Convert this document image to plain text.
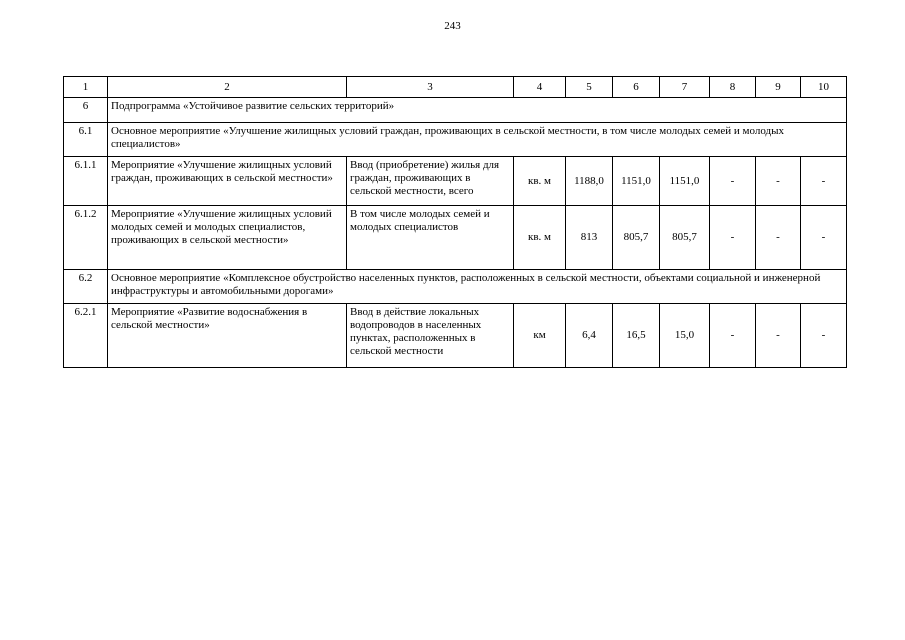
243
1	2	3	4	5	6	7	8	9	10
6	Подпрограмма «Устойчивое развитие сельских территорий»								
6.1	Основное мероприятие «Улучшение жилищных условий граждан, проживающих в сельской местности, в том числе молодых семей и молодых специалистов»								
6.1.1	Мероприятие «Улучшение жилищных условий граждан, проживающих в сельской местности»	Ввод (приобретение) жилья для граждан, проживающих в сельской местности, всего	кв. м	1188,0	1151,0	1151,0	-	-	-
6.1.2	Мероприятие «Улучшение жилищных условий молодых семей и молодых специалистов, проживающих в сельской местности»	В том числе молодых семей и молодых специалистов	кв. м	813	805,7	805,7	-	-	-
6.2	Основное мероприятие «Комплексное обустройство населенных пунктов, расположенных в сельской местности, объектами социальной и инженерной инфраструктуры и автомобильными дорогами»								
6.2.1	Мероприятие «Развитие водоснабжения в сельской местности»	Ввод в действие локальных водопроводов в населенных пунктах, расположенных в сельской местности	км	6,4	16,5	15,0	-	-	-
